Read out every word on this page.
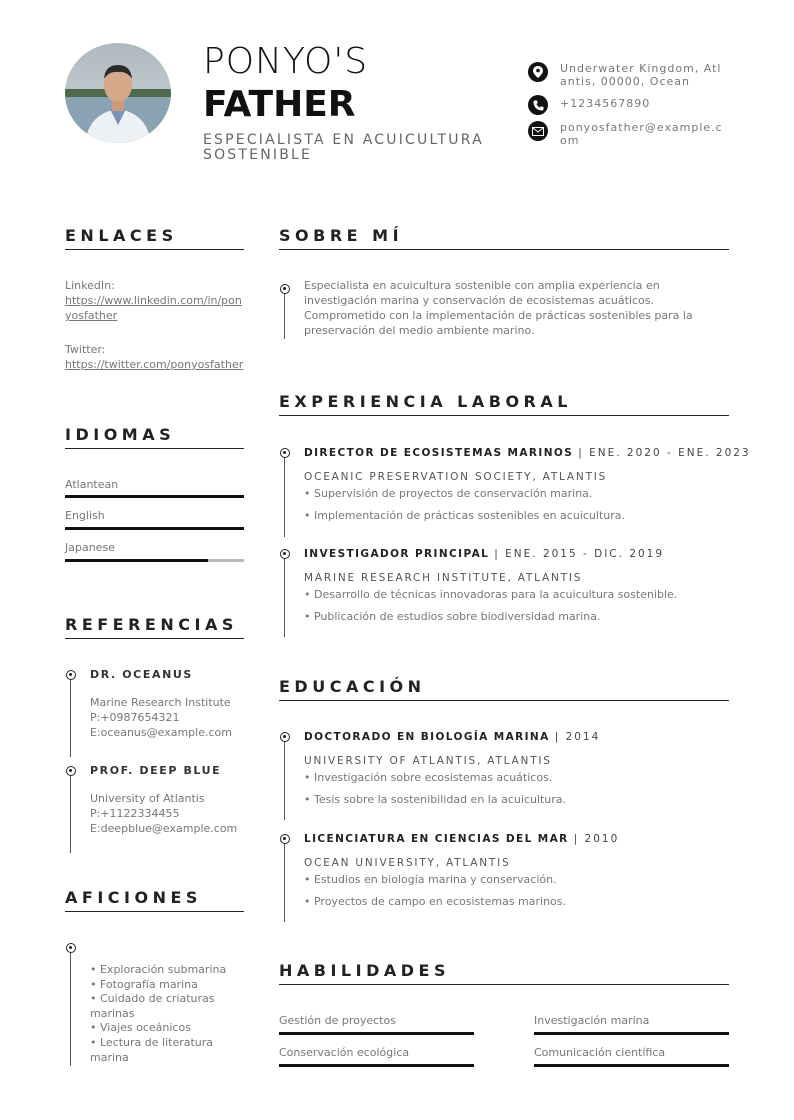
PONYO'S
FATHER
ESPECIALISTA EN ACUICULTURA SOSTENIBLE
Underwater Kingdom, Atlantis, 00000, Ocean
+1234567890
ponyosfather@example.com
ENLACES
LinkedIn:
https://www.linkedin.com/in/ponyosfather
Twitter:
https://twitter.com/ponyosfather
IDIOMAS
Atlantean
English
Japanese
REFERENCIAS
DR. OCEANUS
Marine Research Institute
P:+0987654321
E:oceanus@example.com
PROF. DEEP BLUE
University of Atlantis
P:+1122334455
E:deepblue@example.com
AFICIONES
• Exploración submarina
• Fotografía marina
• Cuidado de criaturas
marinas
• Viajes oceánicos
• Lectura de literatura
marina
SOBRE MÍ
Especialista en acuicultura sostenible con amplia experiencia en
investigación marina y conservación de ecosistemas acuáticos.
Comprometido con la implementación de prácticas sostenibles para la
preservación del medio ambiente marino.
EXPERIENCIA LABORAL
DIRECTOR DE ECOSISTEMAS MARINOS | ENE. 2020 - ENE. 2023
OCEANIC PRESERVATION SOCIETY, ATLANTIS
• Supervisión de proyectos de conservación marina.
• Implementación de prácticas sostenibles en acuicultura.
INVESTIGADOR PRINCIPAL | ENE. 2015 - DIC. 2019
MARINE RESEARCH INSTITUTE, ATLANTIS
• Desarrollo de técnicas innovadoras para la acuicultura sostenible.
• Publicación de estudios sobre biodiversidad marina.
EDUCACIÓN
DOCTORADO EN BIOLOGÍA MARINA | 2014
UNIVERSITY OF ATLANTIS, ATLANTIS
• Investigación sobre ecosistemas acuáticos.
• Tesis sobre la sostenibilidad en la acuicultura.
LICENCIATURA EN CIENCIAS DEL MAR | 2010
OCEAN UNIVERSITY, ATLANTIS
• Estudios en biología marina y conservación.
• Proyectos de campo en ecosistemas marinos.
HABILIDADES
Gestión de proyectos	Investigación marina
Conservación ecológica	Comunicación científica
